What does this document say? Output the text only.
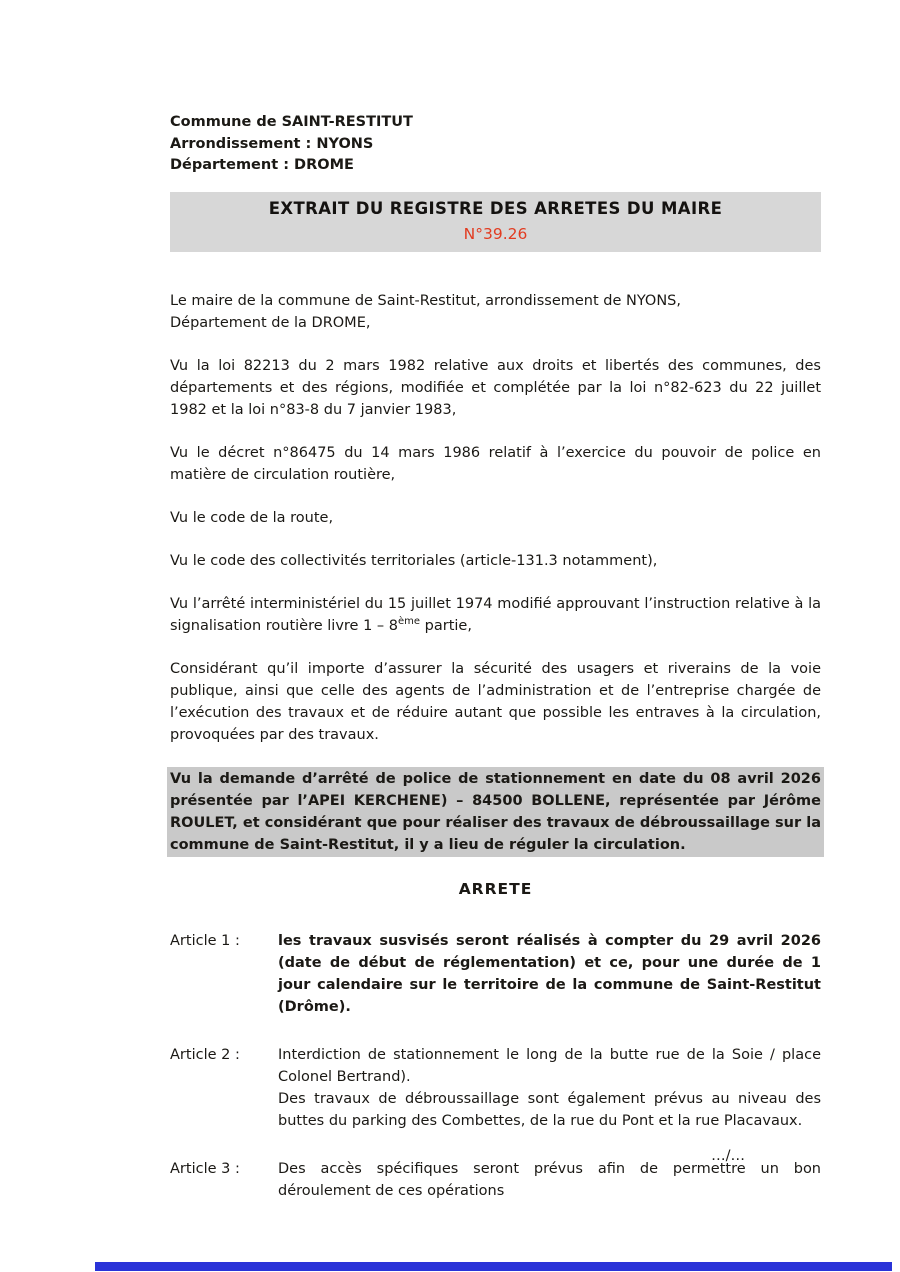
Commune de SAINT-RESTITUT
Arrondissement : NYONS
Département : DROME
EXTRAIT DU REGISTRE DES ARRETES DU MAIRE
N°39.26

Le maire de la commune de Saint-Restitut, arrondissement de NYONS,
Département de la DROME,

Vu la loi 82213 du 2 mars 1982 relative aux droits et libertés des communes, des départements et des régions, modifiée et complétée par la loi n°82-623 du 22 juillet 1982 et la loi n°83-8 du 7 janvier 1983,

Vu le décret n°86475 du 14 mars 1986 relatif à l’exercice du pouvoir de police en matière de circulation routière,

Vu le code de la route,

Vu le code des collectivités territoriales (article-131.3 notamment),

Vu l’arrêté interministériel du 15 juillet 1974 modifié approuvant l’instruction relative à la signalisation routière livre 1 – 8ème partie,

Considérant qu’il importe d’assurer la sécurité des usagers et riverains de la voie publique, ainsi que celle des agents de l’administration et de l’entreprise chargée de l’exécution des travaux et de réduire autant que possible les entraves à la circulation, provoquées par des travaux.

Vu la demande d’arrêté de police de stationnement en date du 08 avril 2026 présentée par l’APEI KERCHENE) – 84500 BOLLENE, représentée par Jérôme ROULET, et considérant que pour réaliser des travaux de débroussaillage sur la commune de Saint-Restitut, il y a lieu de réguler la circulation.

ARRETE
Article 1 :	les travaux susvisés seront réalisés à compter du 29 avril 2026 (date de début de réglementation) et ce, pour une durée de 1 jour calendaire sur le territoire de la commune de Saint-Restitut (Drôme).

Article 2 :	Interdiction de stationnement le long de la butte rue de la Soie / place Colonel Bertrand).

Des travaux de débroussaillage sont également prévus au niveau des buttes du parking des Combettes, de la rue du Pont et la rue Placavaux.

Article 3 :	Des accès spécifiques seront prévus afin de permettre un bon déroulement de ces opérations

…/…
